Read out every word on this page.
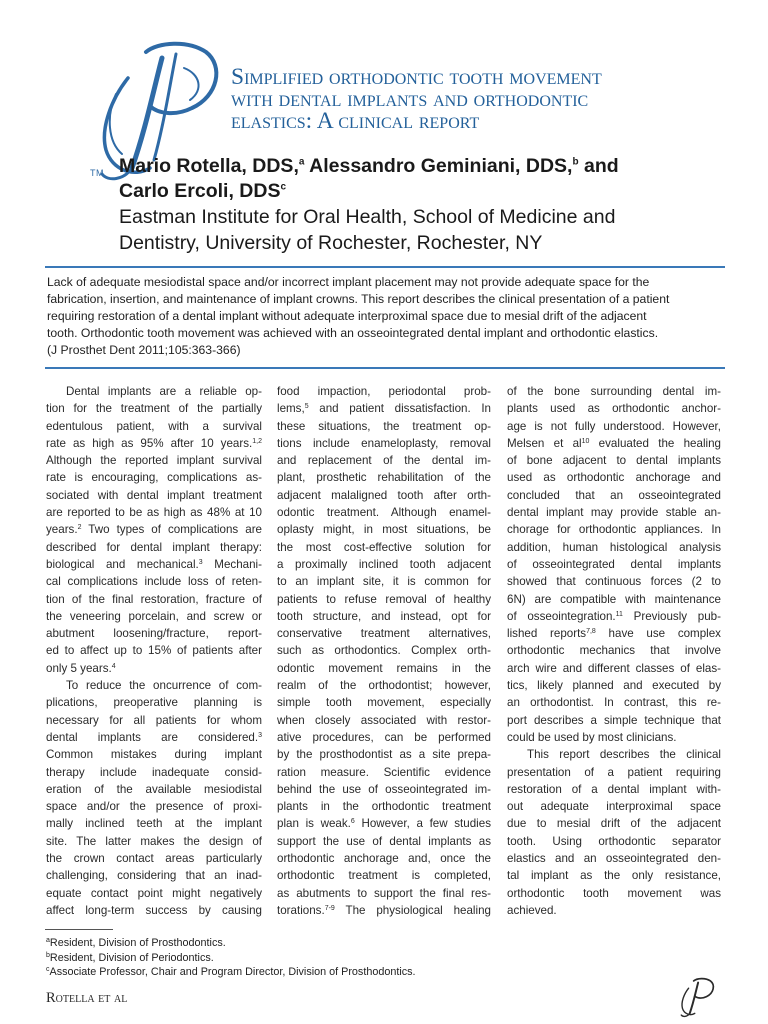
TM
Simplified orthodontic tooth movement
with dental implants and orthodontic
elastics: A clinical report
Mario Rotella, DDS,$^a$ Alessandro Geminiani, DDS,$^b$ and
Carlo Ercoli, DDS$^c$
Eastman Institute for Oral Health, School of Medicine and
Dentistry, University of Rochester, Rochester, NY
Lack of adequate mesiodistal space and/or incorrect implant placement may not provide adequate space for the
fabrication, insertion, and maintenance of implant crowns. This report describes the clinical presentation of a patient
requiring restoration of a dental implant without adequate interproximal space due to mesial drift of the adjacent
tooth. Orthodontic tooth movement was achieved with an osseointegrated dental implant and orthodontic elastics.
(J Prosthet Dent 2011;105:363-366)
Dental implants are a reliable op-
tion for the treatment of the partially
edentulous patient, with a survival
rate as high as 95% after 10 years.$^{1,2}$
Although the reported implant survival
rate is encouraging, complications as-
sociated with dental implant treatment
are reported to be as high as 48% at 10
years.$^2$ Two types of complications are
described for dental implant therapy:
biological and mechanical.$^3$ Mechani-
cal complications include loss of reten-
tion of the final restoration, fracture of
the veneering porcelain, and screw or
abutment loosening/fracture, report-
ed to affect up to 15% of patients after
only 5 years.$^4$
To reduce the oncurrence of com-
plications, preoperative planning is
necessary for all patients for whom
dental implants are considered.$^3$
Common mistakes during implant
therapy include inadequate consid-
eration of the available mesiodistal
space and/or the presence of proxi-
mally inclined teeth at the implant
site. The latter makes the design of
the crown contact areas particularly
challenging, considering that an inad-
equate contact point might negatively
affect long-term success by causing
food impaction, periodontal prob-
lems,$^5$ and patient dissatisfaction. In
these situations, the treatment op-
tions include enameloplasty, removal
and replacement of the dental im-
plant, prosthetic rehabilitation of the
adjacent malaligned tooth after orth-
odontic treatment. Although enamel-
oplasty might, in most situations, be
the most cost-effective solution for
a proximally inclined tooth adjacent
to an implant site, it is common for
patients to refuse removal of healthy
tooth structure, and instead, opt for
conservative treatment alternatives,
such as orthodontics. Complex orth-
odontic movement remains in the
realm of the orthodontist; however,
simple tooth movement, especially
when closely associated with restor-
ative procedures, can be performed
by the prosthodontist as a site prepa-
ration measure. Scientific evidence
behind the use of osseointegrated im-
plants in the orthodontic treatment
plan is weak.$^6$ However, a few studies
support the use of dental implants as
orthodontic anchorage and, once the
orthodontic treatment is completed,
as abutments to support the final res-
torations.$^{7-9}$ The physiological healing
of the bone surrounding dental im-
plants used as orthodontic anchor-
age is not fully understood. However,
Melsen et $al^{10}$ evaluated the healing
of bone adjacent to dental implants
used as orthodontic anchorage and
concluded that an osseointegrated
dental implant may provide stable an-
chorage for orthodontic appliances. In
addition, human histological analysis
of osseointegrated dental implants
showed that continuous forces (2 to
6N) are compatible with maintenance
of osseointegration.$^{11}$ Previously pub-
lished reports$^{7,8}$ have use complex
orthodontic mechanics that involve
arch wire and different classes of elas-
tics, likely planned and executed by
an orthodontist. In contrast, this re-
port describes a simple technique that
could be used by most clinicians.
This report describes the clinical
presentation of a patient requiring
restoration of a dental implant with-
out adequate interproximal space
due to mesial drift of the adjacent
tooth. Using orthodontic separator
elastics and an osseointegrated den-
tal implant as the only resistance,
orthodontic tooth movement was
achieved.
$^a$Resident, Division of Prosthodontics.
$^b$Resident, Division of Periodontics.
$^c$Associate Professor, Chair and Program Director, Division of Prosthodontics.
Rotella et al
